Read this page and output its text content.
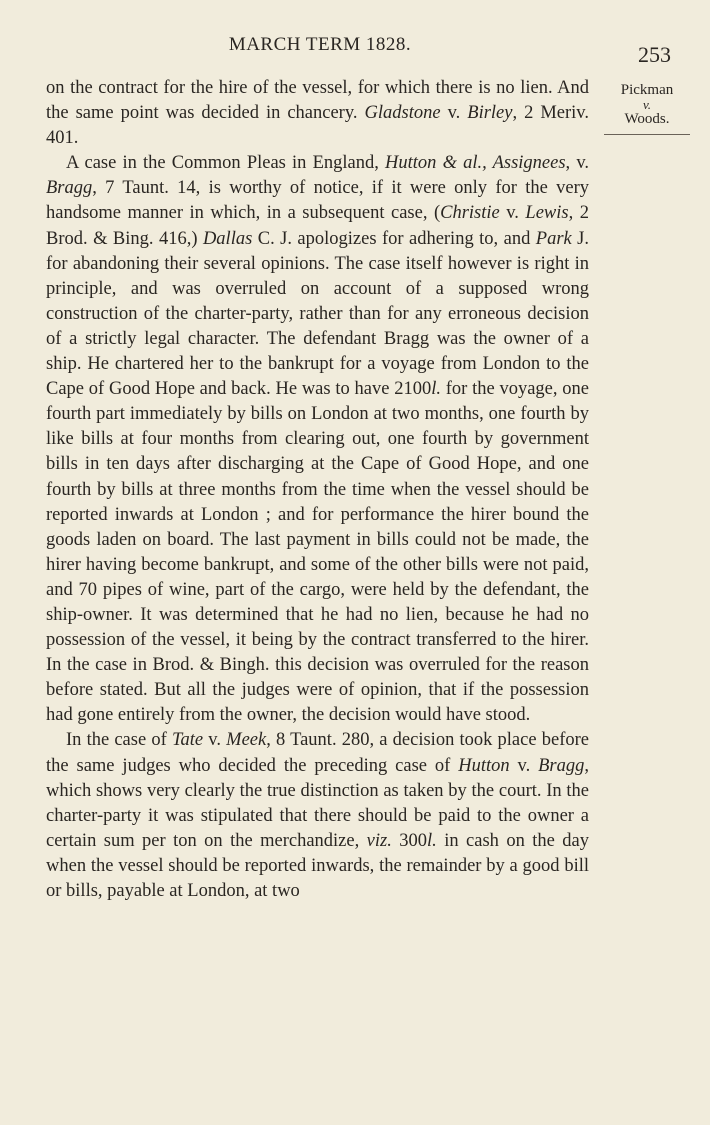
MARCH TERM 1828.	253
Pickman
v.
Woods.

on the contract for the hire of the vessel, for which there is no lien. And the same point was decided in chancery. Gladstone v. Birley, 2 Meriv. 401.

A case in the Common Pleas in England, Hutton & al., Assignees, v. Bragg, 7 Taunt. 14, is worthy of notice, if it were only for the very handsome manner in which, in a subsequent case, (Christie v. Lewis, 2 Brod. & Bing. 416,) Dallas C. J. apologizes for adhering to, and Park J. for abandoning their several opinions. The case itself however is right in principle, and was overruled on account of a supposed wrong construction of the charter-party, rather than for any erroneous decision of a strictly legal character. The defendant Bragg was the owner of a ship. He chartered her to the bankrupt for a voyage from London to the Cape of Good Hope and back. He was to have 2100l. for the voyage, one fourth part immediately by bills on London at two months, one fourth by like bills at four months from clearing out, one fourth by government bills in ten days after discharging at the Cape of Good Hope, and one fourth by bills at three months from the time when the vessel should be reported inwards at London ; and for performance the hirer bound the goods laden on board. The last payment in bills could not be made, the hirer having become bankrupt, and some of the other bills were not paid, and 70 pipes of wine, part of the cargo, were held by the defendant, the ship-owner. It was determined that he had no lien, because he had no possession of the vessel, it being by the contract transferred to the hirer. In the case in Brod. & Bingh. this decision was overruled for the reason before stated. But all the judges were of opinion, that if the possession had gone entirely from the owner, the decision would have stood.

In the case of Tate v. Meek, 8 Taunt. 280, a decision took place before the same judges who decided the preceding case of Hutton v. Bragg, which shows very clearly the true distinction as taken by the court. In the charter-party it was stipulated that there should be paid to the owner a certain sum per ton on the merchandize, viz. 300l. in cash on the day when the vessel should be reported inwards, the remainder by a good bill or bills, payable at London, at two
